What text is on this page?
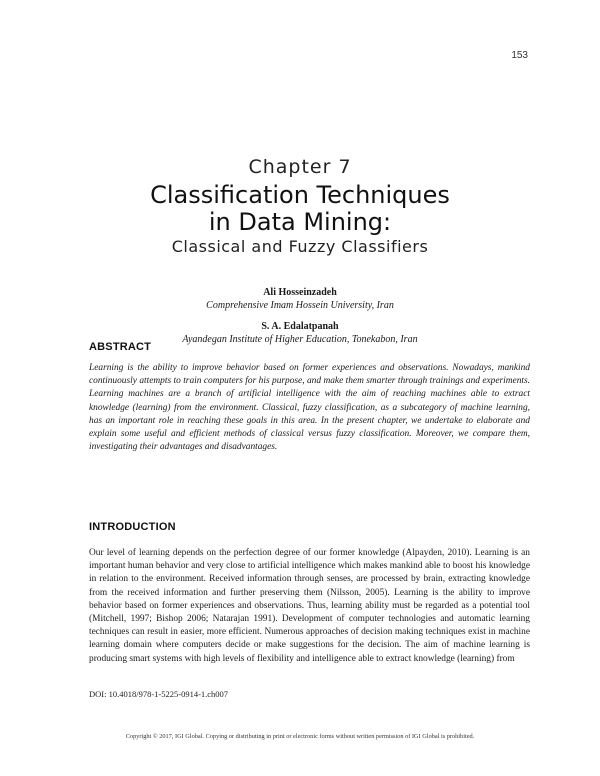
153
Chapter 7
Classification Techniques
in Data Mining:
Classical and Fuzzy Classifiers
Ali Hosseinzadeh
Comprehensive Imam Hossein University, Iran
S. A. Edalatpanah
Ayandegan Institute of Higher Education, Tonekabon, Iran
ABSTRACT

Learning is the ability to improve behavior based on former experiences and observations. Nowadays, mankind continuously attempts to train computers for his purpose, and make them smarter through trainings and experiments. Learning machines are a branch of artificial intelligence with the aim of reaching machines able to extract knowledge (learning) from the environment. Classical, fuzzy classification, as a subcategory of machine learning, has an important role in reaching these goals in this area. In the present chapter, we undertake to elaborate and explain some useful and efficient methods of classical versus fuzzy classification. Moreover, we compare them, investigating their advantages and disadvantages.

INTRODUCTION

Our level of learning depends on the perfection degree of our former knowledge (Alpayden, 2010). Learning is an important human behavior and very close to artificial intelligence which makes mankind able to boost his knowledge in relation to the environment. Received information through senses, are processed by brain, extracting knowledge from the received information and further preserving them (Nilsson, 2005). Learning is the ability to improve behavior based on former experiences and observations. Thus, learning ability must be regarded as a potential tool (Mitchell, 1997; Bishop 2006; Natarajan 1991). Development of computer technologies and automatic learning techniques can result in easier, more efficient. Numerous approaches of decision making techniques exist in machine learning domain where computers decide or make suggestions for the decision. The aim of machine learning is producing smart systems with high levels of flexibility and intelligence able to extract knowledge (learning) from

DOI: 10.4018/978-1-5225-0914-1.ch007
Copyright © 2017, IGI Global. Copying or distributing in print or electronic forms without written permission of IGI Global is prohibited.
